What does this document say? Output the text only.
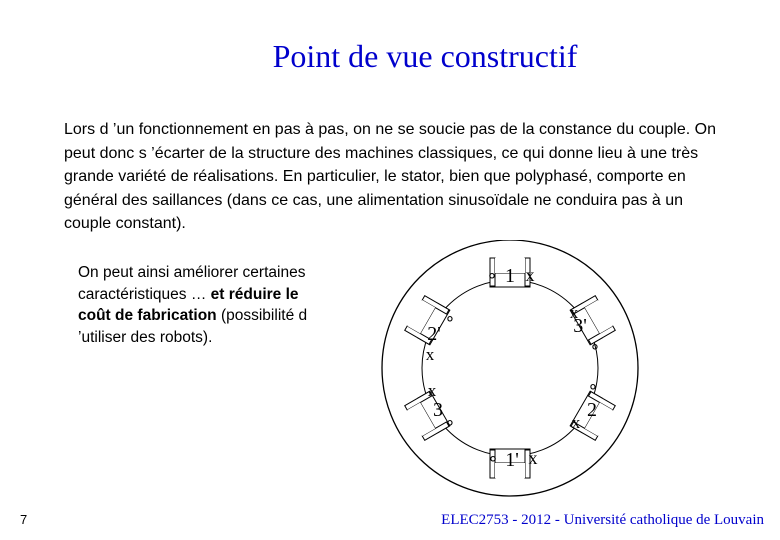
Point de vue constructif
Lors d ’un fonctionnement en pas à pas, on ne se soucie pas de la constance du couple. On peut donc s ’écarter de la structure des machines classiques, ce qui donne lieu à une très grande variété de réalisations. En particulier, le stator, bien que polyphasé, comporte en général des saillances (dans ce cas, une alimentation sinusoïdale ne conduira pas à un couple constant).
On peut ainsi améliorer certaines caractéristiques … et réduire le coût de fabrication (possibilité d ’utiliser des robots).
1
3'
2
1'
3
2'
∘ x
x
∘
∘
x
∘ x
x
∘
∘
x
7	ELEC2753 - 2012 - Université catholique de Louvain
